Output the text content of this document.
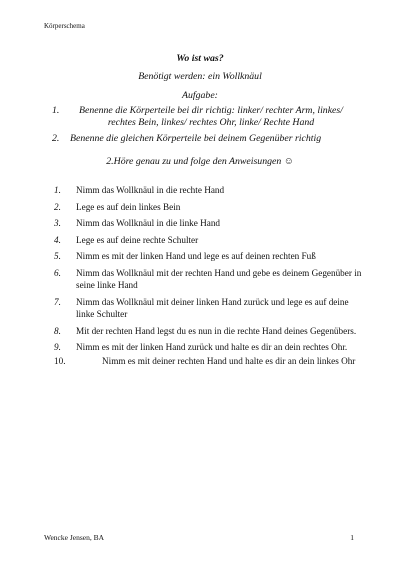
Körperschema
Wo ist was?
Benötigt werden: ein Wollknäul
Aufgabe:
1.	Benenne die Körperteile bei dir richtig: linker/ rechter Arm, linkes/ rechtes Bein, linkes/ rechtes Ohr, linke/ Rechte Hand
2. Benenne die gleichen Körperteile bei deinem Gegenüber richtig
2.Höre genau zu und folge den Anweisungen ☺
1.	Nimm das Wollknäul in die rechte Hand
2.	Lege es auf dein linkes Bein
3.	Nimm das Wollknäul in die linke Hand
4.	Lege es auf deine rechte Schulter
5.	Nimm es mit der linken Hand und lege es auf deinen rechten Fuß
6.	Nimm das Wollknäul mit der rechten Hand und gebe es deinem Gegenüber in seine linke Hand
7.	Nimm das Wollknäul mit deiner linken Hand zurück und lege es auf deine linke Schulter
8.	Mit der rechten Hand legst du es nun in die rechte Hand deines Gegenübers.
9.	Nimm es mit der linken Hand zurück und halte es dir an dein rechtes Ohr.
10.	Nimm es mit deiner rechten Hand und halte es dir an dein linkes Ohr
Wencke Jensen, BA	1
